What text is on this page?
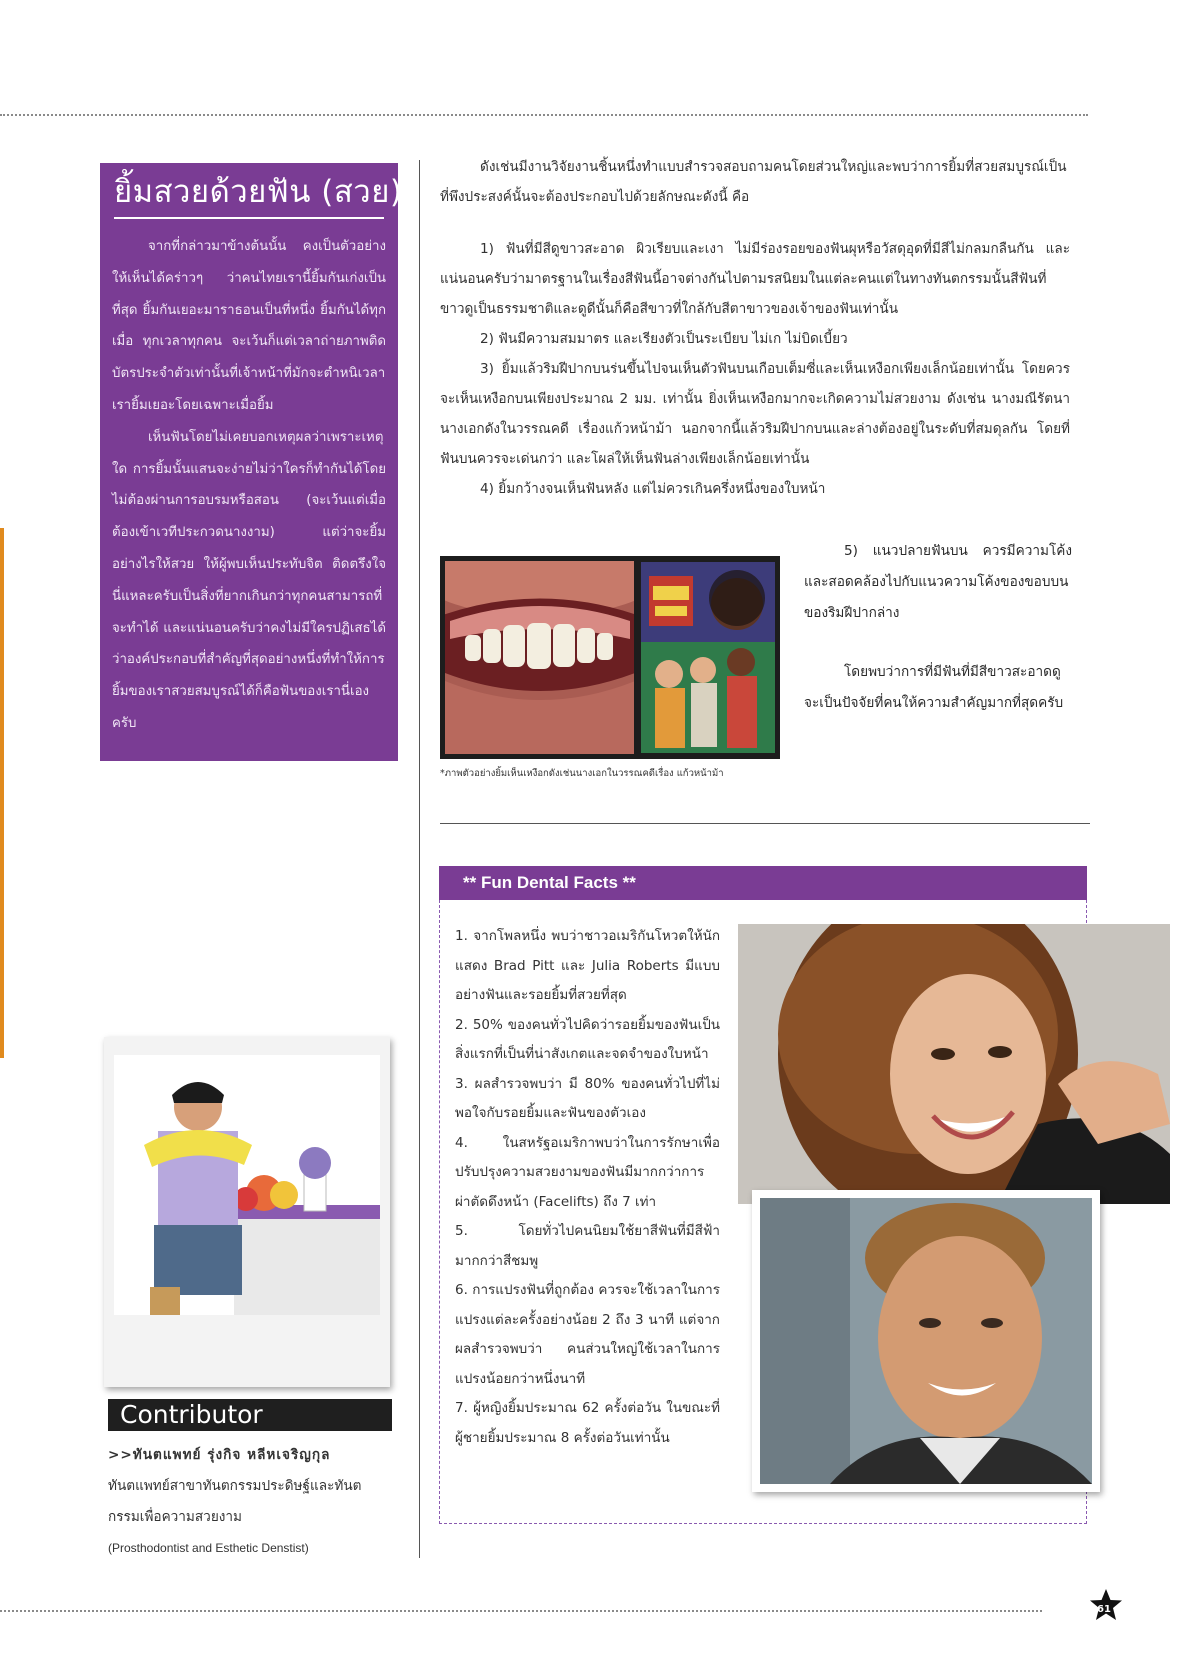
ยิ้มสวยด้วยฟัน (สวย)

จากที่กล่าวมาข้างต้นนั้น คงเป็นตัวอย่างให้เห็นได้คร่าวๆ ว่าคนไทยเรานี้ยิ้มกันเก่งเป็นที่สุด ยิ้มกันเยอะมาราธอนเป็นที่หนึ่ง ยิ้มกันได้ทุกเมื่อ ทุกเวลาทุกคน จะเว้นก็แต่เวลาถ่ายภาพติดบัตรประจำตัวเท่านั้นที่เจ้าหน้าที่มักจะตำหนิเวลาเรายิ้มเยอะโดยเฉพาะเมื่อยิ้ม

เห็นฟันโดยไม่เคยบอกเหตุผลว่าเพราะเหตุใด การยิ้มนั้นแสนจะง่ายไม่ว่าใครก็ทำกันได้โดยไม่ต้องผ่านการอบรมหรือสอน (จะเว้นแต่เมื่อต้องเข้าเวทีประกวดนางงาม) แต่ว่าจะยิ้มอย่างไรให้สวย ให้ผู้พบเห็นประทับจิต ติดตรึงใจ นี่แหละครับเป็นสิ่งที่ยากเกินกว่าทุกคนสามารถที่จะทำได้ และแน่นอนครับว่าคงไม่มีใครปฏิเสธได้ว่าองค์ประกอบที่สำคัญที่สุดอย่างหนึ่งที่ทำให้การยิ้มของเราสวยสมบูรณ์ได้ก็คือฟันของเรานี่เองครับ

ดังเช่นมีงานวิจัยงานชิ้นหนึ่งทำแบบสำรวจสอบถามคนโดยส่วนใหญ่และพบว่าการยิ้มที่สวยสมบูรณ์เป็นที่พึงประสงค์นั้นจะต้องประกอบไปด้วยลักษณะดังนี้ คือ

1) ฟันที่มีสีดูขาวสะอาด ผิวเรียบและเงา ไม่มีร่องรอยของฟันผุหรือวัสดุอุดที่มีสีไม่กลมกลืนกัน และแน่นอนครับว่ามาตรฐานในเรื่องสีฟันนี้อาจต่างกันไปตามรสนิยมในแต่ละคนแต่ในทางทันตกรรมนั้นสีฟันที่ขาวดูเป็นธรรมชาติและดูดีนั้นก็คือสีขาวที่ใกล้กับสีตาขาวของเจ้าของฟันเท่านั้น

2) ฟันมีความสมมาตร และเรียงตัวเป็นระเบียบ ไม่เก ไม่บิดเบี้ยว

3) ยิ้มแล้วริมฝีปากบนร่นขึ้นไปจนเห็นตัวฟันบนเกือบเต็มซี่และเห็นเหงือกเพียงเล็กน้อยเท่านั้น โดยควรจะเห็นเหงือกบนเพียงประมาณ 2 มม. เท่านั้น ยิ่งเห็นเหงือกมากจะเกิดความไม่สวยงาม ดังเช่น นางมณีรัตนา นางเอกดังในวรรณคดี เรื่องแก้วหน้าม้า นอกจากนี้แล้วริมฝีปากบนและล่างต้องอยู่ในระดับที่สมดุลกัน โดยที่ฟันบนควรจะเด่นกว่า และโผล่ให้เห็นฟันล่างเพียงเล็กน้อยเท่านั้น

4) ยิ้มกว้างจนเห็นฟันหลัง แต่ไม่ควรเกินครึ่งหนึ่งของใบหน้า

*ภาพตัวอย่างยิ้มเห็นเหงือกดังเช่นนางเอกในวรรณคดีเรื่อง แก้วหน้าม้า

5) แนวปลายฟันบน ควรมีความโค้งและสอดคล้องไปกับแนวความโค้งของขอบบนของริมฝีปากล่าง

โดยพบว่าการที่มีฟันที่มีสีขาวสะอาดดูจะเป็นปัจจัยที่คนให้ความสำคัญมากที่สุดครับ

** Fun Dental Facts **

1. จากโพลหนึ่ง พบว่าชาวอเมริกันโหวตให้นักแสดง Brad Pitt และ Julia Roberts มีแบบอย่างฟันและรอยยิ้มที่สวยที่สุด

2. 50% ของคนทั่วไปคิดว่ารอยยิ้มของฟันเป็นสิ่งแรกที่เป็นที่น่าสังเกตและจดจำของใบหน้า

3. ผลสำรวจพบว่า มี 80% ของคนทั่วไปที่ไม่พอใจกับรอยยิ้มและฟันของตัวเอง

4. ในสหรัฐอเมริกาพบว่าในการรักษาเพื่อปรับปรุงความสวยงามของฟันมีมากกว่าการผ่าตัดดึงหน้า (Facelifts) ถึง 7 เท่า

5. โดยทั่วไปคนนิยมใช้ยาสีฟันที่มีสีฟ้ามากกว่าสีชมพู

6. การแปรงฟันที่ถูกต้อง ควรจะใช้เวลาในการแปรงแต่ละครั้งอย่างน้อย 2 ถึง 3 นาที แต่จากผลสำรวจพบว่า คนส่วนใหญ่ใช้เวลาในการแปรงน้อยกว่าหนึ่งนาที

7. ผู้หญิงยิ้มประมาณ 62 ครั้งต่อวัน ในขณะที่ผู้ชายยิ้มประมาณ 8 ครั้งต่อวันเท่านั้น

Contributor

>>ทันตแพทย์ รุ่งกิจ หลีหเจริญกุล

ทันตแพทย์สาขาทันตกรรมประดิษฐ์และทันตกรรมเพื่อความสวยงาม

(Prosthodontist and Esthetic Denstist)

61
